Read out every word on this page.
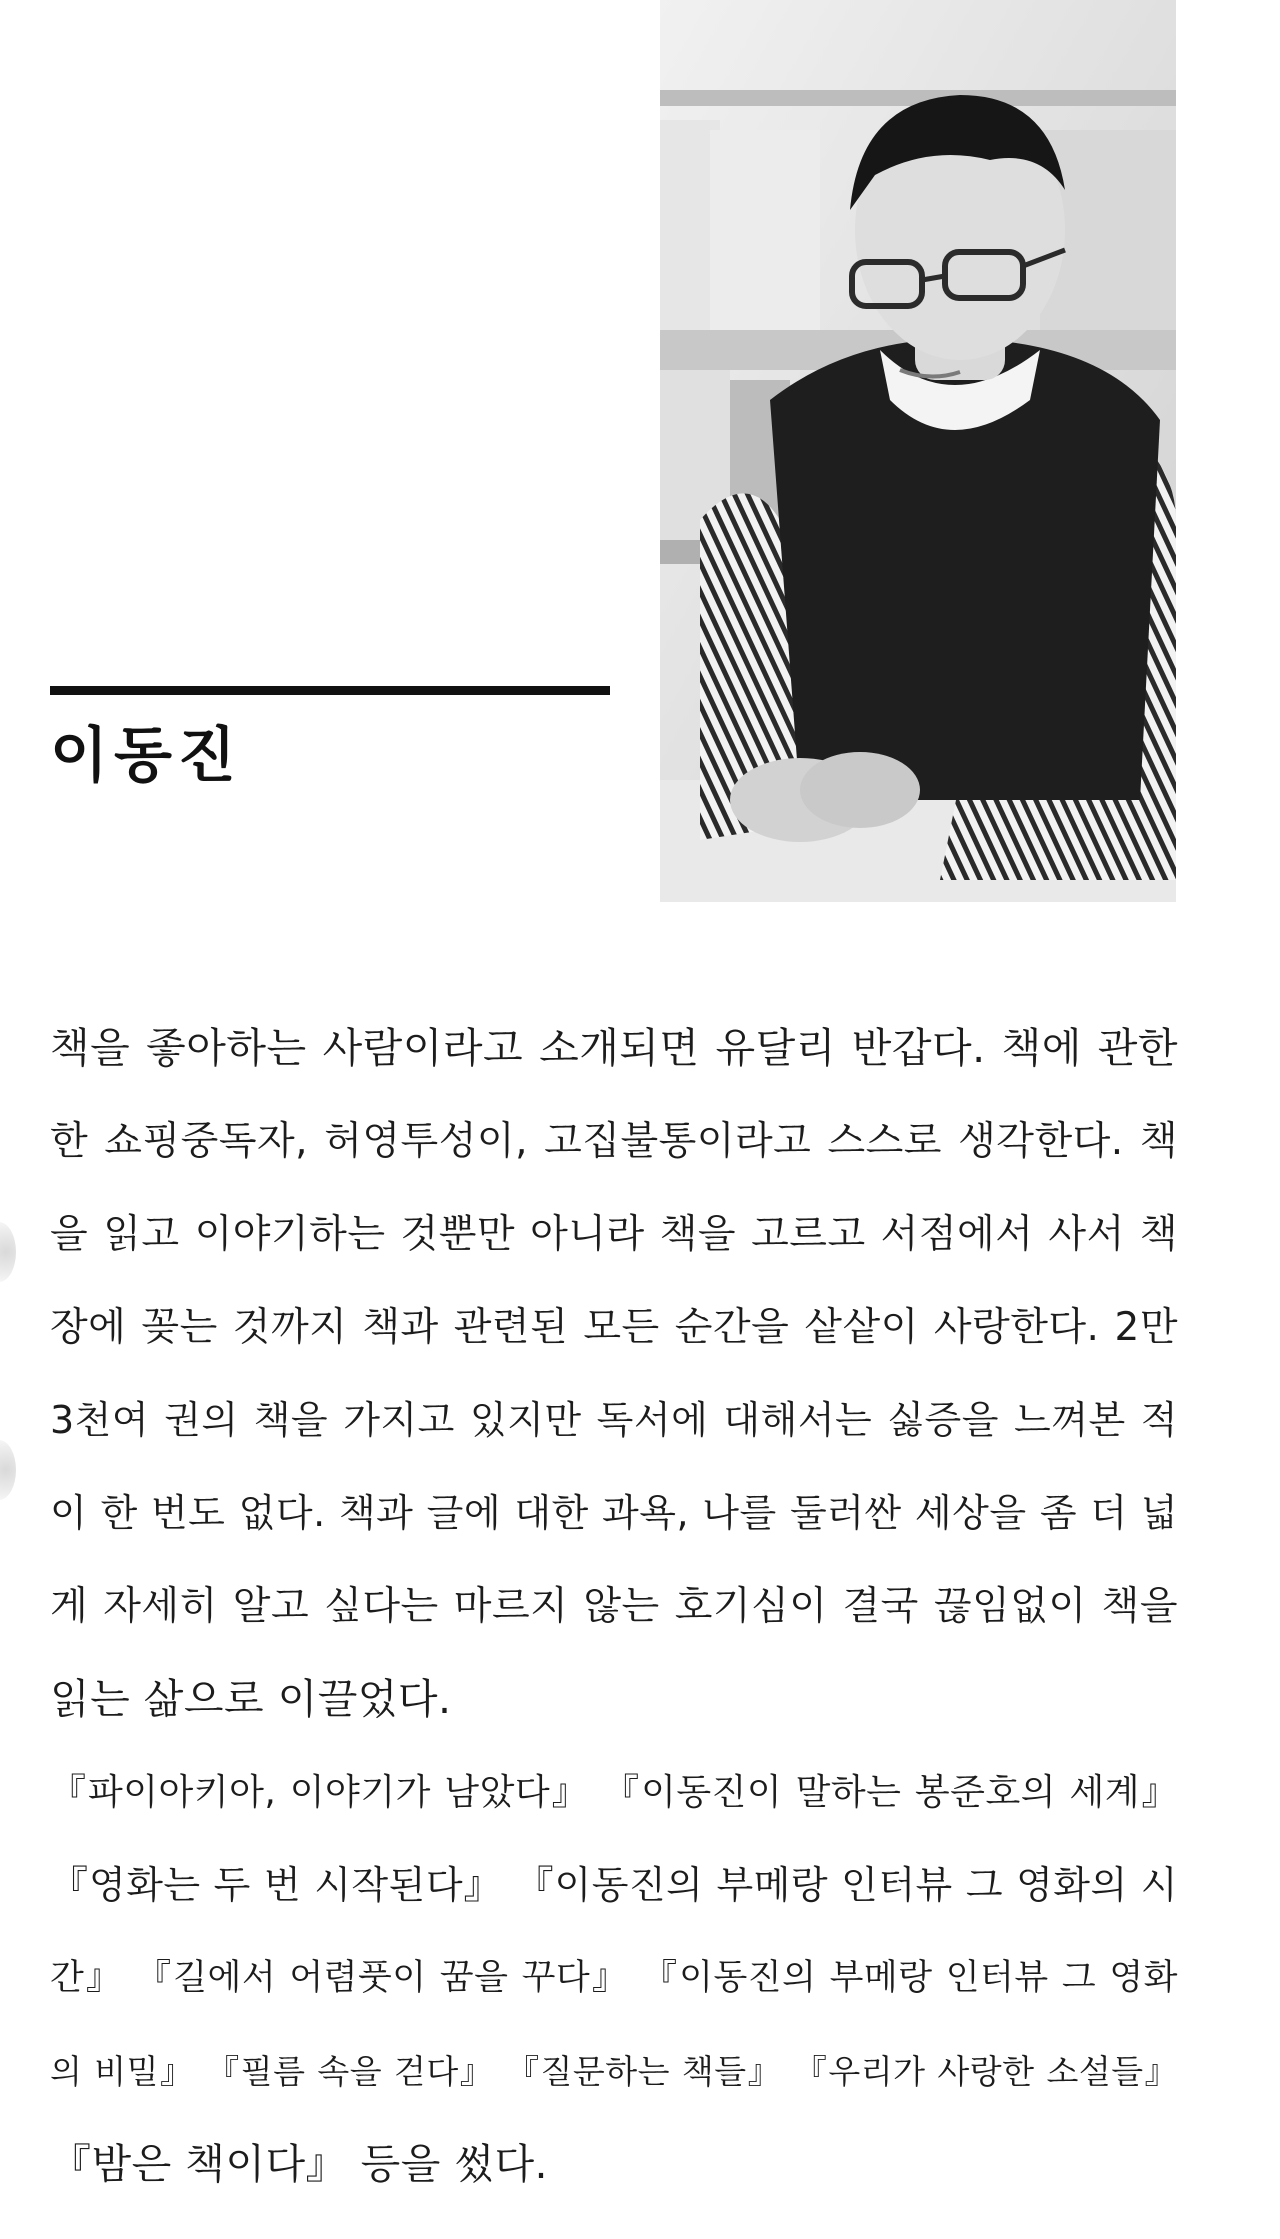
이동진

책을 좋아하는 사람이라고 소개되면 유달리 반갑다. 책에 관한
한 쇼핑중독자, 허영투성이, 고집불통이라고 스스로 생각한다. 책
을 읽고 이야기하는 것뿐만 아니라 책을 고르고 서점에서 사서 책
장에 꽂는 것까지 책과 관련된 모든 순간을 샅샅이 사랑한다. 2만
3천여 권의 책을 가지고 있지만 독서에 대해서는 싫증을 느껴본 적
이 한 번도 없다. 책과 글에 대한 과욕, 나를 둘러싼 세상을 좀 더 넓
게 자세히 알고 싶다는 마르지 않는 호기심이 결국 끊임없이 책을
읽는 삶으로 이끌었다.

『파이아키아, 이야기가 남았다』 『이동진이 말하는 봉준호의 세계』
『영화는 두 번 시작된다』 『이동진의 부메랑 인터뷰 그 영화의 시
간』 『길에서 어렴풋이 꿈을 꾸다』 『이동진의 부메랑 인터뷰 그 영화
의 비밀』 『필름 속을 걷다』 『질문하는 책들』 『우리가 사랑한 소설들』
『밤은 책이다』 등을 썼다.
